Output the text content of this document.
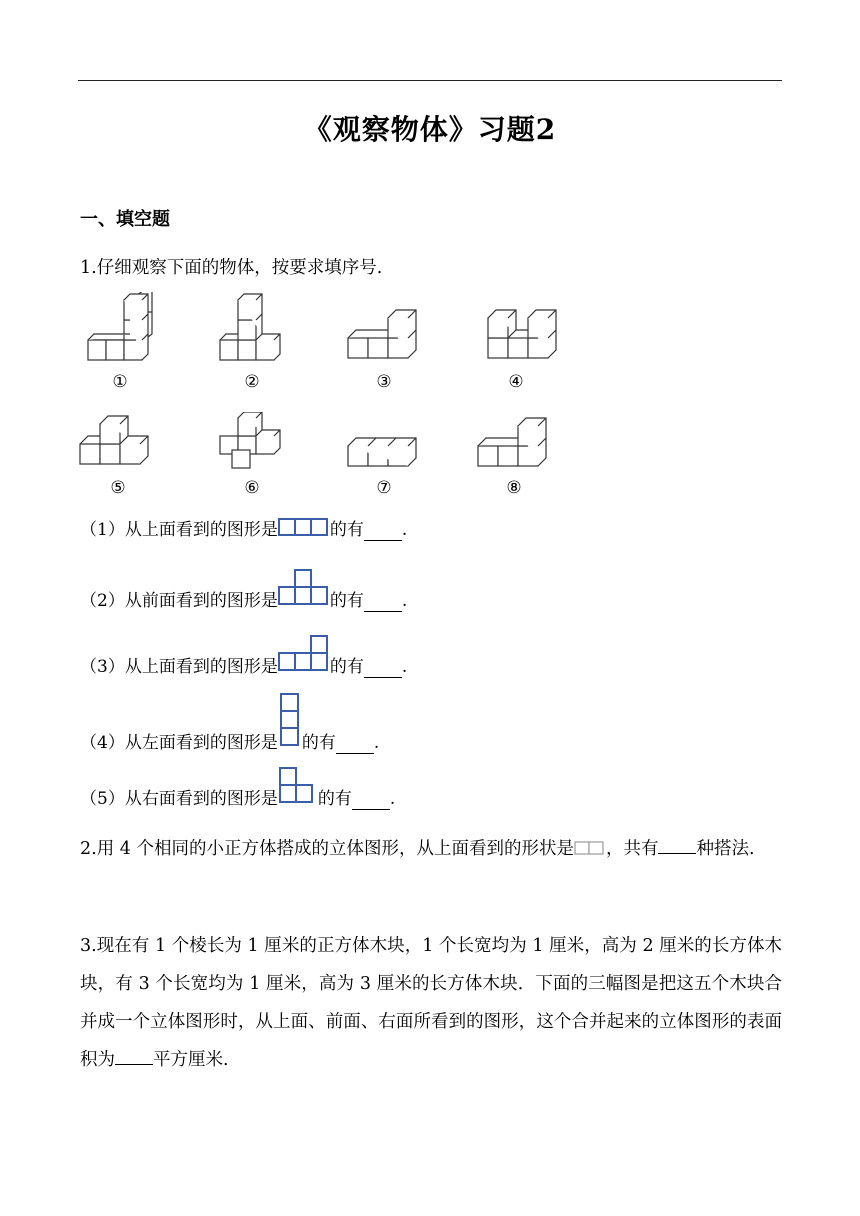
《观察物体》习题2
一、填空题
1.仔细观察下面的物体，按要求填序号.
①	②	③	④
⑤	⑥	⑦	⑧
（1）从上面看到的图形是	的有 .
（2）从前面看到的图形是	的有 .
（3）从上面看到的图形是	的有 .
（4）从左面看到的图形是 的有 .
（5）从右面看到的图形是 的有 .
2.用 4 个相同的小正方体搭成的立体图形，从上面看到的形状是 ，共有 种搭法.
3.现在有 1 个棱长为 1 厘米的正方体木块，1 个长宽均为 1 厘米，高为 2 厘米的长方体木块，有 3 个长宽均为 1 厘米，高为 3 厘米的长方体木块．下面的三幅图是把这五个木块合并成一个立体图形时，从上面、前面、右面所看到的图形，这个合并起来的立体图形的表面积为 平方厘米.
